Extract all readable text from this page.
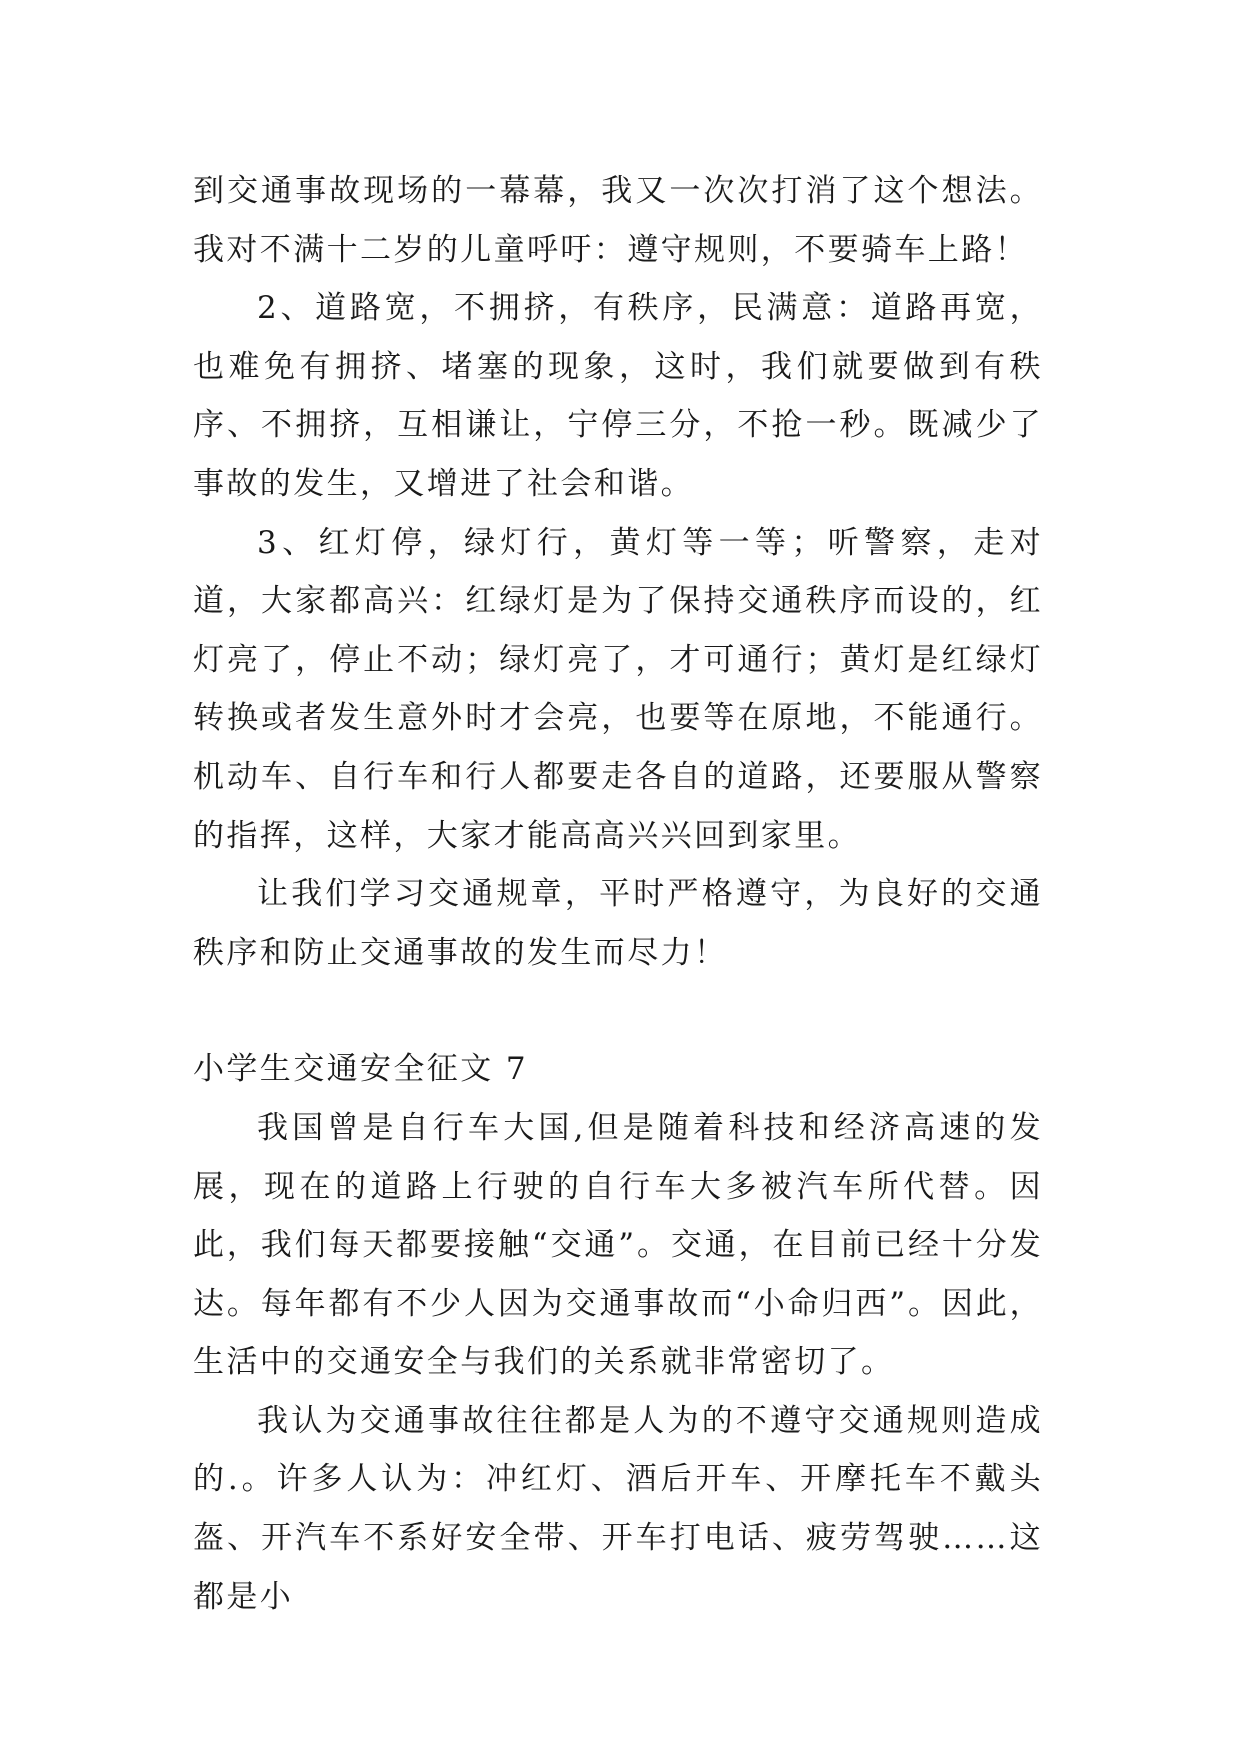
到交通事故现场的一幕幕，我又一次次打消了这个想法。我对不满十二岁的儿童呼吁：遵守规则，不要骑车上路！

2、道路宽，不拥挤，有秩序，民满意：道路再宽，也难免有拥挤、堵塞的现象，这时，我们就要做到有秩序、不拥挤，互相谦让，宁停三分，不抢一秒。既减少了事故的发生，又增进了社会和谐。

3、红灯停，绿灯行，黄灯等一等；听警察，走对道，大家都高兴：红绿灯是为了保持交通秩序而设的，红灯亮了，停止不动；绿灯亮了，才可通行；黄灯是红绿灯转换或者发生意外时才会亮，也要等在原地，不能通行。机动车、自行车和行人都要走各自的道路，还要服从警察的指挥，这样，大家才能高高兴兴回到家里。

让我们学习交通规章，平时严格遵守，为良好的交通秩序和防止交通事故的发生而尽力！

小学生交通安全征文 7

我国曾是自行车大国,但是随着科技和经济高速的发展，现在的道路上行驶的自行车大多被汽车所代替。因此，我们每天都要接触“交通”。交通，在目前已经十分发达。每年都有不少人因为交通事故而“小命归西”。因此，生活中的交通安全与我们的关系就非常密切了。

我认为交通事故往往都是人为的不遵守交通规则造成的.。许多人认为：冲红灯、酒后开车、开摩托车不戴头盔、开汽车不系好安全带、开车打电话、疲劳驾驶……这都是小
